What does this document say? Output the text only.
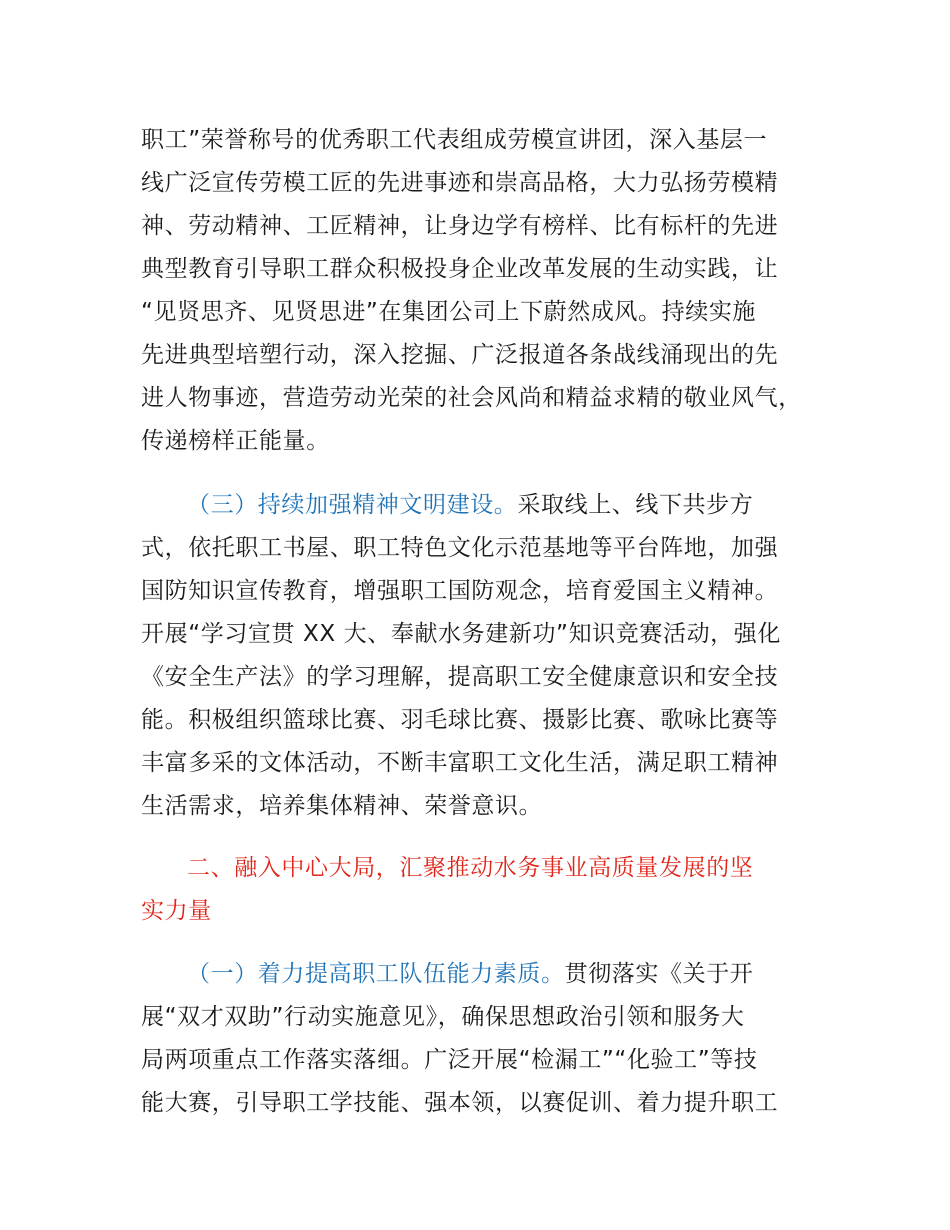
职工”荣誉称号的优秀职工代表组成劳模宣讲团，深入基层一
线广泛宣传劳模工匠的先进事迹和崇高品格，大力弘扬劳模精
神、劳动精神、工匠精神，让身边学有榜样、比有标杆的先进
典型教育引导职工群众积极投身企业改革发展的生动实践，让
“见贤思齐、见贤思进”在集团公司上下蔚然成风。持续实施
先进典型培塑行动，深入挖掘、广泛报道各条战线涌现出的先
进人物事迹，营造劳动光荣的社会风尚和精益求精的敬业风气，
传递榜样正能量。
（三）持续加强精神文明建设。采取线上、线下共步方
式，依托职工书屋、职工特色文化示范基地等平台阵地，加强
国防知识宣传教育，增强职工国防观念，培育爱国主义精神。
开展“学习宣贯 XX 大、奉献水务建新功”知识竞赛活动，强化
《安全生产法》的学习理解，提高职工安全健康意识和安全技
能。积极组织篮球比赛、羽毛球比赛、摄影比赛、歌咏比赛等
丰富多采的文体活动，不断丰富职工文化生活，满足职工精神
生活需求，培养集体精神、荣誉意识。
二、融入中心大局，汇聚推动水务事业高质量发展的坚
实力量
（一）着力提高职工队伍能力素质。贯彻落实《关于开
展“双才双助”行动实施意见》，确保思想政治引领和服务大
局两项重点工作落实落细。广泛开展“检漏工”“化验工”等技
能大赛，引导职工学技能、强本领，以赛促训、着力提升职工
